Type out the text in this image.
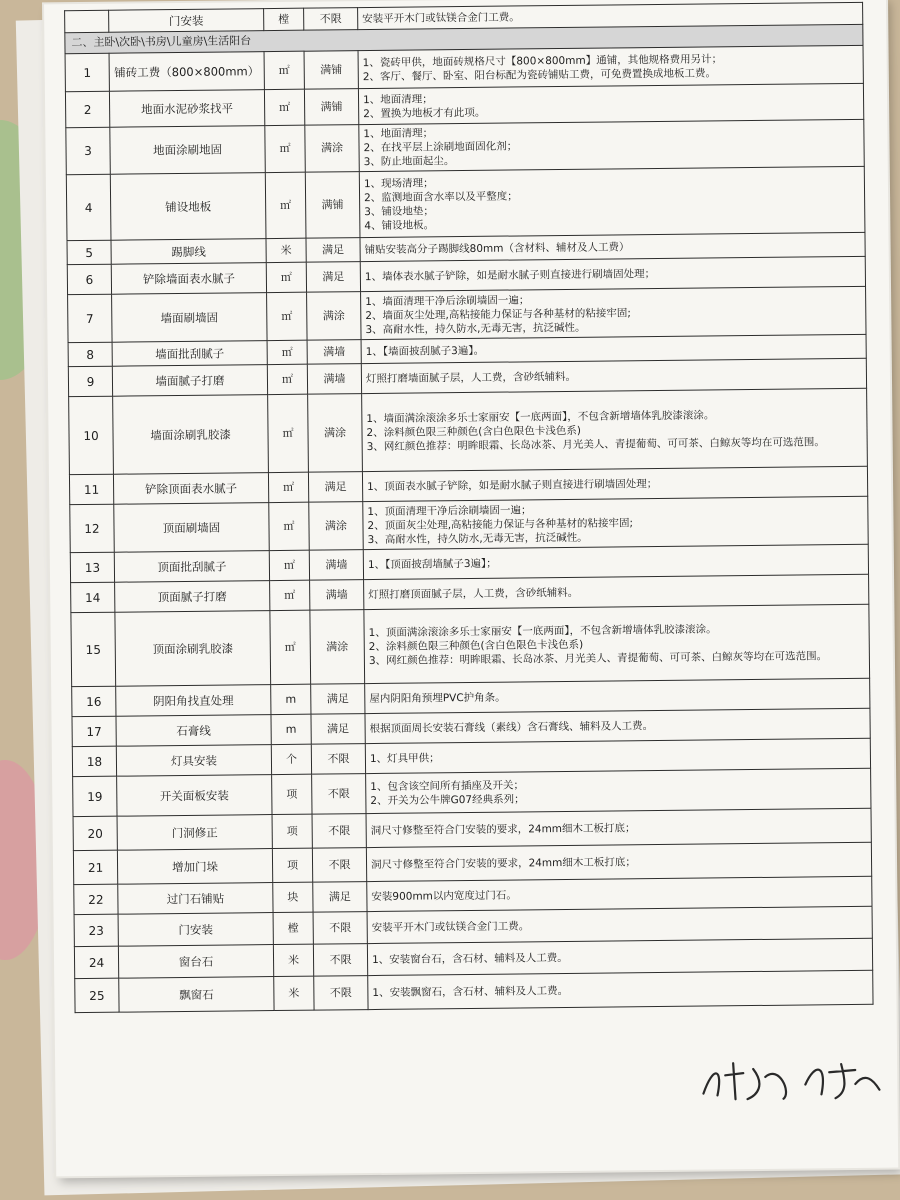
	门安装	樘	不限	安装平开木门或钛镁合金门工费。

二、主卧\次卧\书房\儿童房\生活阳台				
1	铺砖工费（800×800mm）	㎡	满铺	1、瓷砖甲供，地面砖规格尺寸【800×800mm】通铺，其他规格费用另计；
2、客厅、餐厅、卧室、阳台标配为瓷砖铺贴工费，可免费置换成地板工费。

2	地面水泥砂浆找平	㎡	满铺	1、地面清理；
2、置换为地板才有此项。

3	地面涂刷地固	㎡	满涂	1、地面清理；
2、在找平层上涂刷地面固化剂；
3、防止地面起尘。

4	铺设地板	㎡	满铺	1、现场清理；
2、监测地面含水率以及平整度；
3、铺设地垫；
4、铺设地板。

5	踢脚线	米	满足	铺贴安装高分子踢脚线80mm（含材料、辅材及人工费）

6	铲除墙面表水腻子	㎡	满足	1、墙体表水腻子铲除，如是耐水腻子则直接进行刷墙固处理；

7	墙面刷墙固	㎡	满涂	1、墙面清理干净后涂刷墙固一遍；
2、墙面灰尘处理,高粘接能力保证与各种基材的粘接牢固;
3、高耐水性，持久防水,无毒无害，抗泛碱性。

8	墙面批刮腻子	㎡	满墙	1、【墙面披刮腻子3遍】。

9	墙面腻子打磨	㎡	满墙	灯照打磨墙面腻子层，人工费，含砂纸辅料。

10	墙面涂刷乳胶漆	㎡	满涂	1、墙面满涂滚涂多乐士家丽安【一底两面】，不包含新增墙体乳胶漆滚涂。
2、涂料颜色限三种颜色(含白色限色卡浅色系)
3、网红颜色推荐：明眸眼霜、长岛冰茶、月光美人、青提葡萄、可可茶、白鲸灰等均在可选范围。

11	铲除顶面表水腻子	㎡	满足	1、顶面表水腻子铲除，如是耐水腻子则直接进行刷墙固处理；

12	顶面刷墙固	㎡	满涂	1、顶面清理干净后涂刷墙固一遍；
2、顶面灰尘处理,高粘接能力保证与各种基材的粘接牢固;
3、高耐水性，持久防水,无毒无害，抗泛碱性。

13	顶面批刮腻子	㎡	满墙	1、【顶面披刮墙腻子3遍】；

14	顶面腻子打磨	㎡	满墙	灯照打磨顶面腻子层，人工费，含砂纸辅料。

15	顶面涂刷乳胶漆	㎡	满涂	1、顶面满涂滚涂多乐士家丽安【一底两面】，不包含新增墙体乳胶漆滚涂。
2、涂料颜色限三种颜色(含白色限色卡浅色系)
3、网红颜色推荐：明眸眼霜、长岛冰茶、月光美人、青提葡萄、可可茶、白鲸灰等均在可选范围。

16	阴阳角找直处理	m	满足	屋内阴阳角预埋PVC护角条。

17	石膏线	m	满足	根据顶面周长安装石膏线（素线）含石膏线、辅料及人工费。

18	灯具安装	个	不限	1、灯具甲供；

19	开关面板安装	项	不限	1、包含该空间所有插座及开关；
2、开关为公牛牌G07经典系列；

20	门洞修正	项	不限	洞尺寸修整至符合门安装的要求，24mm细木工板打底；

21	增加门垛	项	不限	洞尺寸修整至符合门安装的要求，24mm细木工板打底；

22	过门石铺贴	块	满足	安装900mm以内宽度过门石。

23	门安装	樘	不限	安装平开木门或钛镁合金门工费。

24	窗台石	米	不限	1、安装窗台石，含石材、辅料及人工费。

25	飘窗石	米	不限	1、安装飘窗石，含石材、辅料及人工费。
